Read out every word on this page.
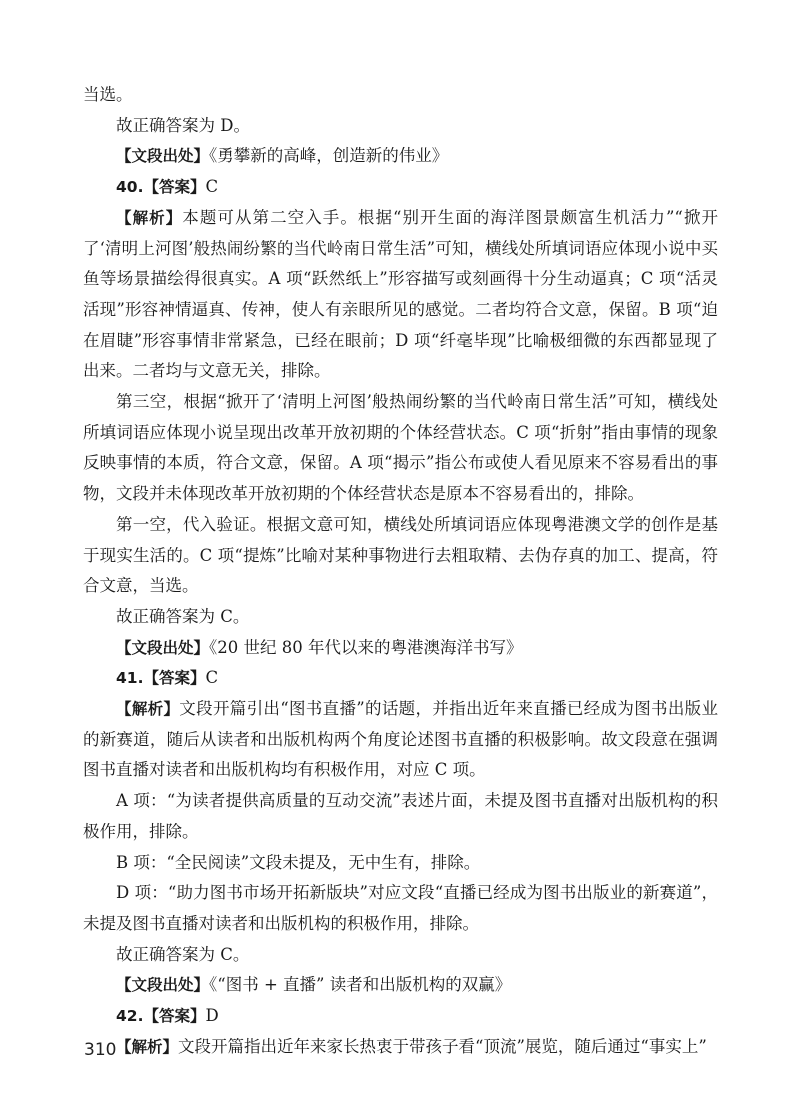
当选。

故正确答案为 D。

【文段出处】《勇攀新的高峰，创造新的伟业》

40.【答案】C

【解析】本题可从第二空入手。根据“别开生面的海洋图景颇富生机活力”“掀开了‘清明上河图’般热闹纷繁的当代岭南日常生活”可知，横线处所填词语应体现小说中买鱼等场景描绘得很真实。A 项“跃然纸上”形容描写或刻画得十分生动逼真；C 项“活灵活现”形容神情逼真、传神，使人有亲眼所见的感觉。二者均符合文意，保留。B 项“迫在眉睫”形容事情非常紧急，已经在眼前；D 项“纤毫毕现”比喻极细微的东西都显现了出来。二者均与文意无关，排除。

第三空，根据“掀开了‘清明上河图’般热闹纷繁的当代岭南日常生活”可知，横线处所填词语应体现小说呈现出改革开放初期的个体经营状态。C 项“折射”指由事情的现象反映事情的本质，符合文意，保留。A 项“揭示”指公布或使人看见原来不容易看出的事物，文段并未体现改革开放初期的个体经营状态是原本不容易看出的，排除。

第一空，代入验证。根据文意可知，横线处所填词语应体现粤港澳文学的创作是基于现实生活的。C 项“提炼”比喻对某种事物进行去粗取精、去伪存真的加工、提高，符合文意，当选。

故正确答案为 C。

【文段出处】《20 世纪 80 年代以来的粤港澳海洋书写》

41.【答案】C

【解析】文段开篇引出“图书直播”的话题，并指出近年来直播已经成为图书出版业的新赛道，随后从读者和出版机构两个角度论述图书直播的积极影响。故文段意在强调图书直播对读者和出版机构均有积极作用，对应 C 项。

A 项：“为读者提供高质量的互动交流”表述片面，未提及图书直播对出版机构的积极作用，排除。

B 项：“全民阅读”文段未提及，无中生有，排除。

D 项：“助力图书市场开拓新版块”对应文段“直播已经成为图书出版业的新赛道”，未提及图书直播对读者和出版机构的积极作用，排除。

故正确答案为 C。

【文段出处】《“图书 + 直播” 读者和出版机构的双赢》

42.【答案】D

【解析】文段开篇指出近年来家长热衷于带孩子看“顶流”展览，随后通过“事实上”

310
